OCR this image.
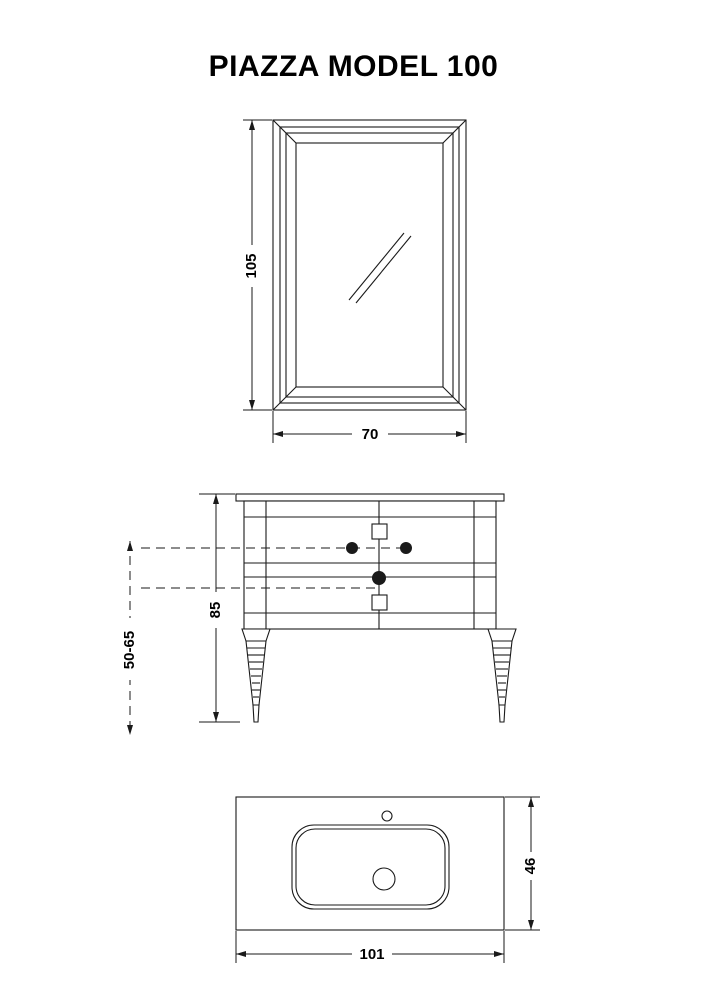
PIAZZA MODEL 100
105
70
85
50-65
46
101
